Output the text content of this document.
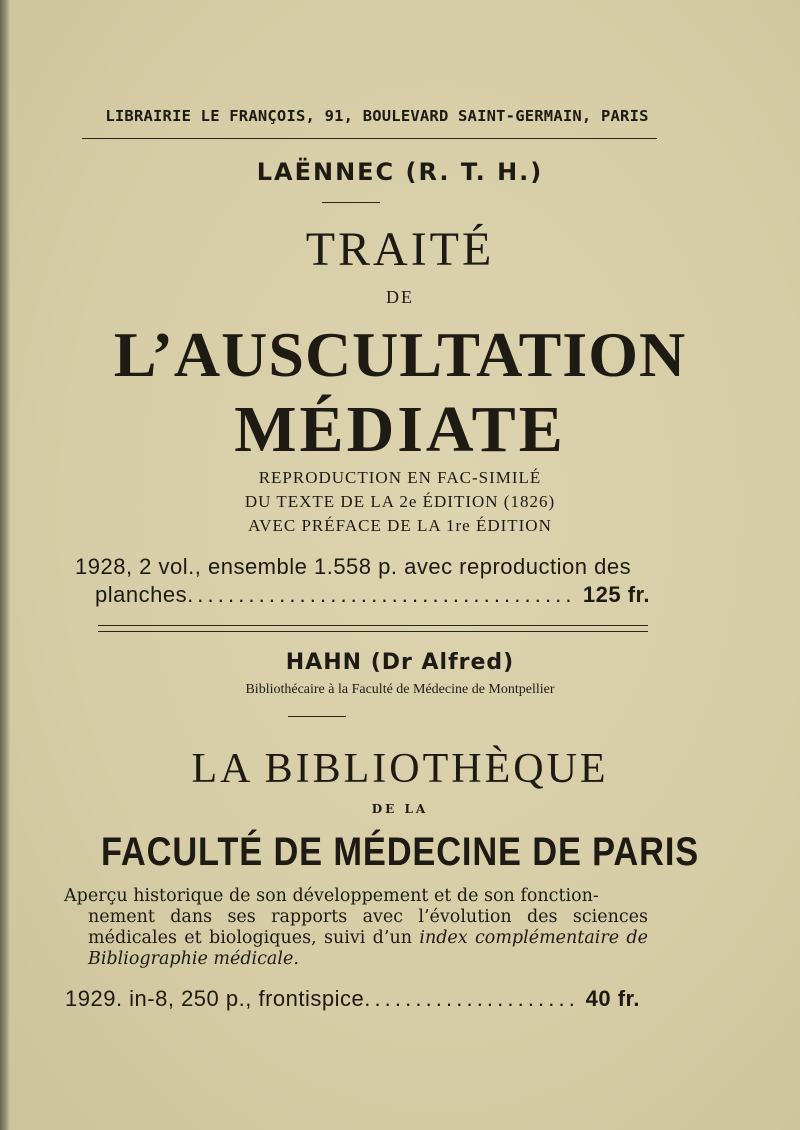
LIBRAIRIE LE FRANÇOIS, 91, BOULEVARD SAINT-GERMAIN, PARIS
LAËNNEC (R. T. H.)
TRAITÉ
DE
L’AUSCULTATION
MÉDIATE
REPRODUCTION EN FAC-SIMILÉ
DU TEXTE DE LA 2e ÉDITION (1826)
AVEC PRÉFACE DE LA 1re ÉDITION
1928, 2 vol., ensemble 1.558 p. avec reproduction des
planches . . .	125 fr.
HAHN (Dr Alfred)
Bibliothécaire à la Faculté de Médecine de Montpellier
LA BIBLIOTHÈQUE
DE LA
FACULTÉ DE MÉDECINE DE PARIS
Aperçu historique de son développement et de son fonction-
nement dans ses rapports avec l’évolution des sciences médicales et biologiques, suivi d’un index complémentaire de Bibliographie médicale.
1929. in-8, 250 p., frontispice . . .	40 fr.
